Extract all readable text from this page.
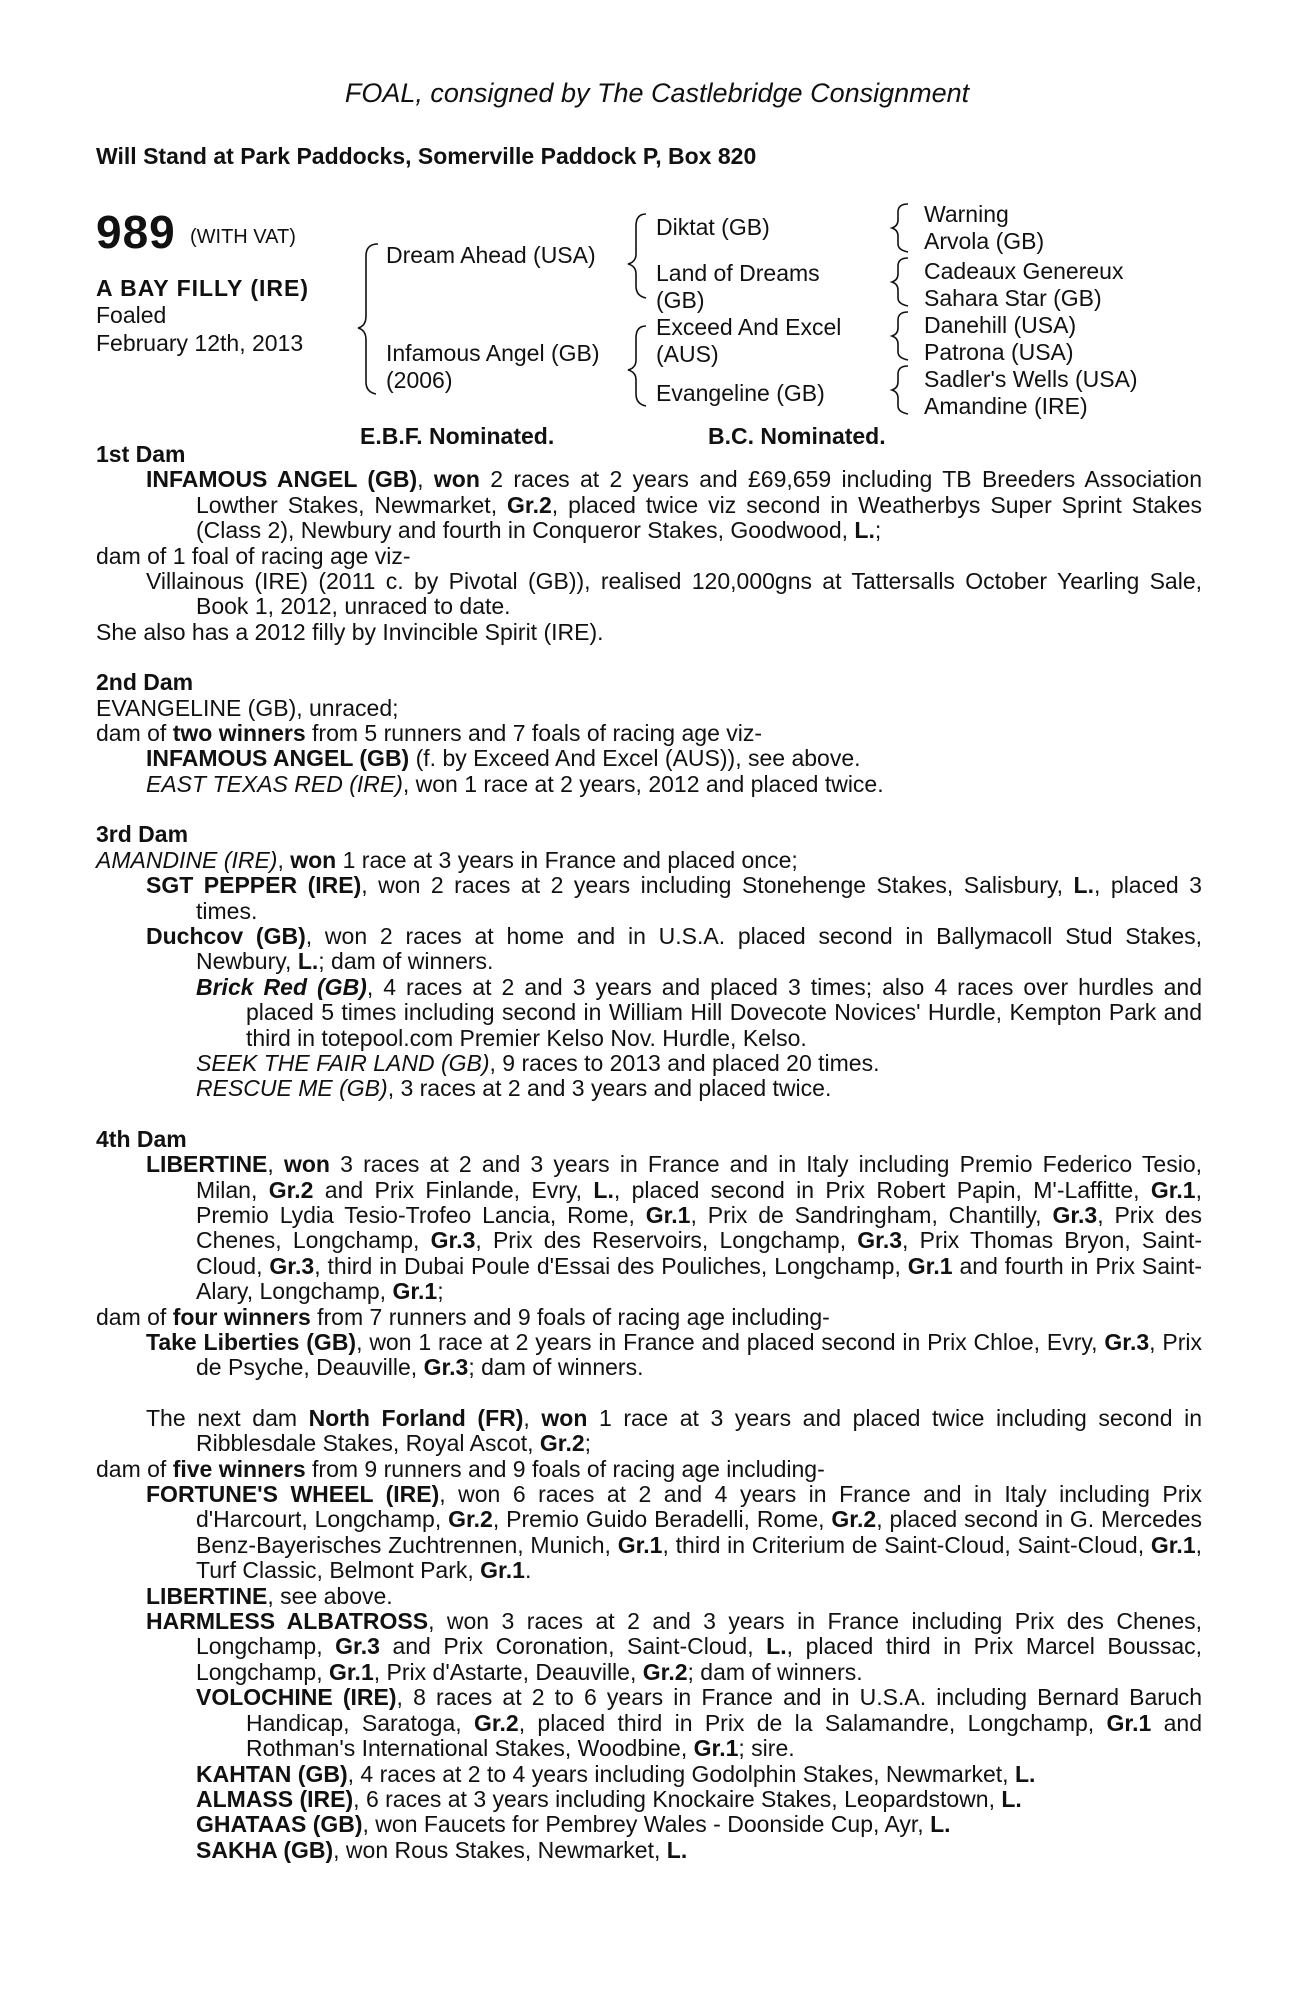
FOAL, consigned by The Castlebridge Consignment
Will Stand at Park Paddocks, Somerville Paddock P, Box 820
989 (WITH VAT)
A BAY FILLY (IRE)
Foaled
February 12th, 2013
Dream Ahead (USA)
Infamous Angel (GB)
(2006)
Diktat (GB)
Land of Dreams
(GB)
Exceed And Excel
(AUS)
Evangeline (GB)
Warning
Arvola (GB)
Cadeaux Genereux
Sahara Star (GB)
Danehill (USA)
Patrona (USA)
Sadler's Wells (USA)
Amandine (IRE)
E.B.F. Nominated.	B.C. Nominated.

1st Dam

INFAMOUS ANGEL (GB), won 2 races at 2 years and £69,659 including TB Breeders Association Lowther Stakes, Newmarket, Gr.2, placed twice viz second in Weatherbys Super Sprint Stakes (Class 2), Newbury and fourth in Conqueror Stakes, Goodwood, L.;

dam of 1 foal of racing age viz-

Villainous (IRE) (2011 c. by Pivotal (GB)), realised 120,000gns at Tattersalls October Yearling Sale, Book 1, 2012, unraced to date.

She also has a 2012 filly by Invincible Spirit (IRE).

2nd Dam

EVANGELINE (GB), unraced;

dam of two winners from 5 runners and 7 foals of racing age viz-

INFAMOUS ANGEL (GB) (f. by Exceed And Excel (AUS)), see above.

EAST TEXAS RED (IRE), won 1 race at 2 years, 2012 and placed twice.

3rd Dam

AMANDINE (IRE), won 1 race at 3 years in France and placed once;

SGT PEPPER (IRE), won 2 races at 2 years including Stonehenge Stakes, Salisbury, L., placed 3 times.

Duchcov (GB), won 2 races at home and in U.S.A. placed second in Ballymacoll Stud Stakes, Newbury, L.; dam of winners.

Brick Red (GB), 4 races at 2 and 3 years and placed 3 times; also 4 races over hurdles and placed 5 times including second in William Hill Dovecote Novices' Hurdle, Kempton Park and third in totepool.com Premier Kelso Nov. Hurdle, Kelso.

SEEK THE FAIR LAND (GB), 9 races to 2013 and placed 20 times.

RESCUE ME (GB), 3 races at 2 and 3 years and placed twice.

4th Dam

LIBERTINE, won 3 races at 2 and 3 years in France and in Italy including Premio Federico Tesio, Milan, Gr.2 and Prix Finlande, Evry, L., placed second in Prix Robert Papin, M'-Laffitte, Gr.1, Premio Lydia Tesio-Trofeo Lancia, Rome, Gr.1, Prix de Sandringham, Chantilly, Gr.3, Prix des Chenes, Longchamp, Gr.3, Prix des Reservoirs, Longchamp, Gr.3, Prix Thomas Bryon, Saint-Cloud, Gr.3, third in Dubai Poule d'Essai des Pouliches, Longchamp, Gr.1 and fourth in Prix Saint-Alary, Longchamp, Gr.1;

dam of four winners from 7 runners and 9 foals of racing age including-

Take Liberties (GB), won 1 race at 2 years in France and placed second in Prix Chloe, Evry, Gr.3, Prix de Psyche, Deauville, Gr.3; dam of winners.

The next dam North Forland (FR), won 1 race at 3 years and placed twice including second in Ribblesdale Stakes, Royal Ascot, Gr.2;

dam of five winners from 9 runners and 9 foals of racing age including-

FORTUNE'S WHEEL (IRE), won 6 races at 2 and 4 years in France and in Italy including Prix d'Harcourt, Longchamp, Gr.2, Premio Guido Beradelli, Rome, Gr.2, placed second in G. Mercedes Benz-Bayerisches Zuchtrennen, Munich, Gr.1, third in Criterium de Saint-Cloud, Saint-Cloud, Gr.1, Turf Classic, Belmont Park, Gr.1.

LIBERTINE, see above.

HARMLESS ALBATROSS, won 3 races at 2 and 3 years in France including Prix des Chenes, Longchamp, Gr.3 and Prix Coronation, Saint-Cloud, L., placed third in Prix Marcel Boussac, Longchamp, Gr.1, Prix d'Astarte, Deauville, Gr.2; dam of winners.

VOLOCHINE (IRE), 8 races at 2 to 6 years in France and in U.S.A. including Bernard Baruch Handicap, Saratoga, Gr.2, placed third in Prix de la Salamandre, Longchamp, Gr.1 and Rothman's International Stakes, Woodbine, Gr.1; sire.

KAHTAN (GB), 4 races at 2 to 4 years including Godolphin Stakes, Newmarket, L.

ALMASS (IRE), 6 races at 3 years including Knockaire Stakes, Leopardstown, L.

GHATAAS (GB), won Faucets for Pembrey Wales - Doonside Cup, Ayr, L.

SAKHA (GB), won Rous Stakes, Newmarket, L.
